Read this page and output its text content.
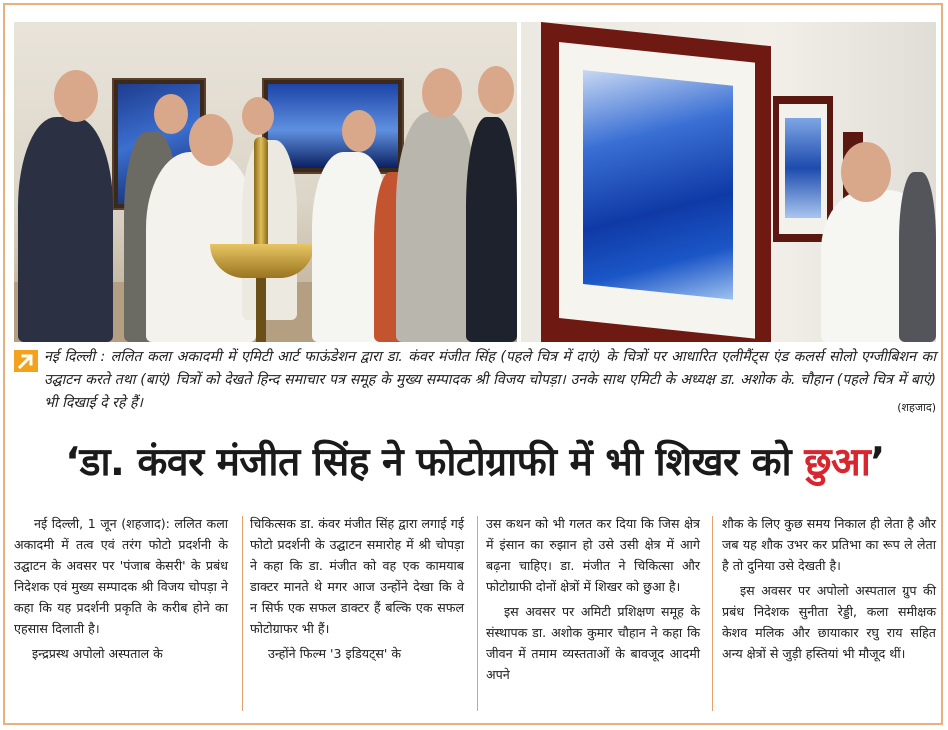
नई दिल्ली : ललित कला अकादमी में एमिटी आर्ट फाऊंडेशन द्वारा डा. कंवर मंजीत सिंह (पहले चित्र में दाएं) के चित्रों पर आधारित एलीमैंट्स एंड कलर्स सोलो एग्जीबिशन का उद्घाटन करते तथा (बाएं) चित्रों को देखते हिन्द समाचार पत्र समूह के मुख्य सम्पादक श्री विजय चोपड़ा। उनके साथ एमिटी के अध्यक्ष डा. अशोक के. चौहान (पहले चित्र में बाएं) भी दिखाई दे रहे हैं।	(शहजाद)
‘डा. कंवर मंजीत सिंह ने फोटोग्राफी में भी शिखर को छुआ’

नई दिल्ली, 1 जून (शहजाद): ललित कला अकादमी में तत्व एवं तरंग फोटो प्रदर्शनी के उद्घाटन के अवसर पर 'पंजाब केसरी' के प्रबंध निदेशक एवं मुख्य सम्पादक श्री विजय चोपड़ा ने कहा कि यह प्रदर्शनी प्रकृति के करीब होने का एहसास दिलाती है।

इन्द्रप्रस्थ अपोलो अस्पताल के

चिकित्सक डा. कंवर मंजीत सिंह द्वारा लगाई गई फोटो प्रदर्शनी के उद्घाटन समारोह में श्री चोपड़ा ने कहा कि डा. मंजीत को वह एक कामयाब डाक्टर मानते थे मगर आज उन्होंने देखा कि वे न सिर्फ एक सफल डाक्टर हैं बल्कि एक सफल फोटोग्राफर भी हैं।

उन्होंने फिल्म '3 इडियट्स' के

उस कथन को भी गलत कर दिया कि जिस क्षेत्र में इंसान का रुझान हो उसे उसी क्षेत्र में आगे बढ़ना चाहिए। डा. मंजीत ने चिकित्सा और फोटोग्राफी दोनों क्षेत्रों में शिखर को छुआ है।

इस अवसर पर अमिटी प्रशिक्षण समूह के संस्थापक डा. अशोक कुमार चौहान ने कहा कि जीवन में तमाम व्यस्तताओं के बावजूद आदमी अपने

शौक के लिए कुछ समय निकाल ही लेता है और जब यह शौक उभर कर प्रतिभा का रूप ले लेता है तो दुनिया उसे देखती है।

इस अवसर पर अपोलो अस्पताल ग्रुप की प्रबंध निदेशक सुनीता रेड्डी, कला समीक्षक केशव मलिक और छायाकार रघु राय सहित अन्य क्षेत्रों से जुड़ी हस्तियां भी मौजूद थीं।
